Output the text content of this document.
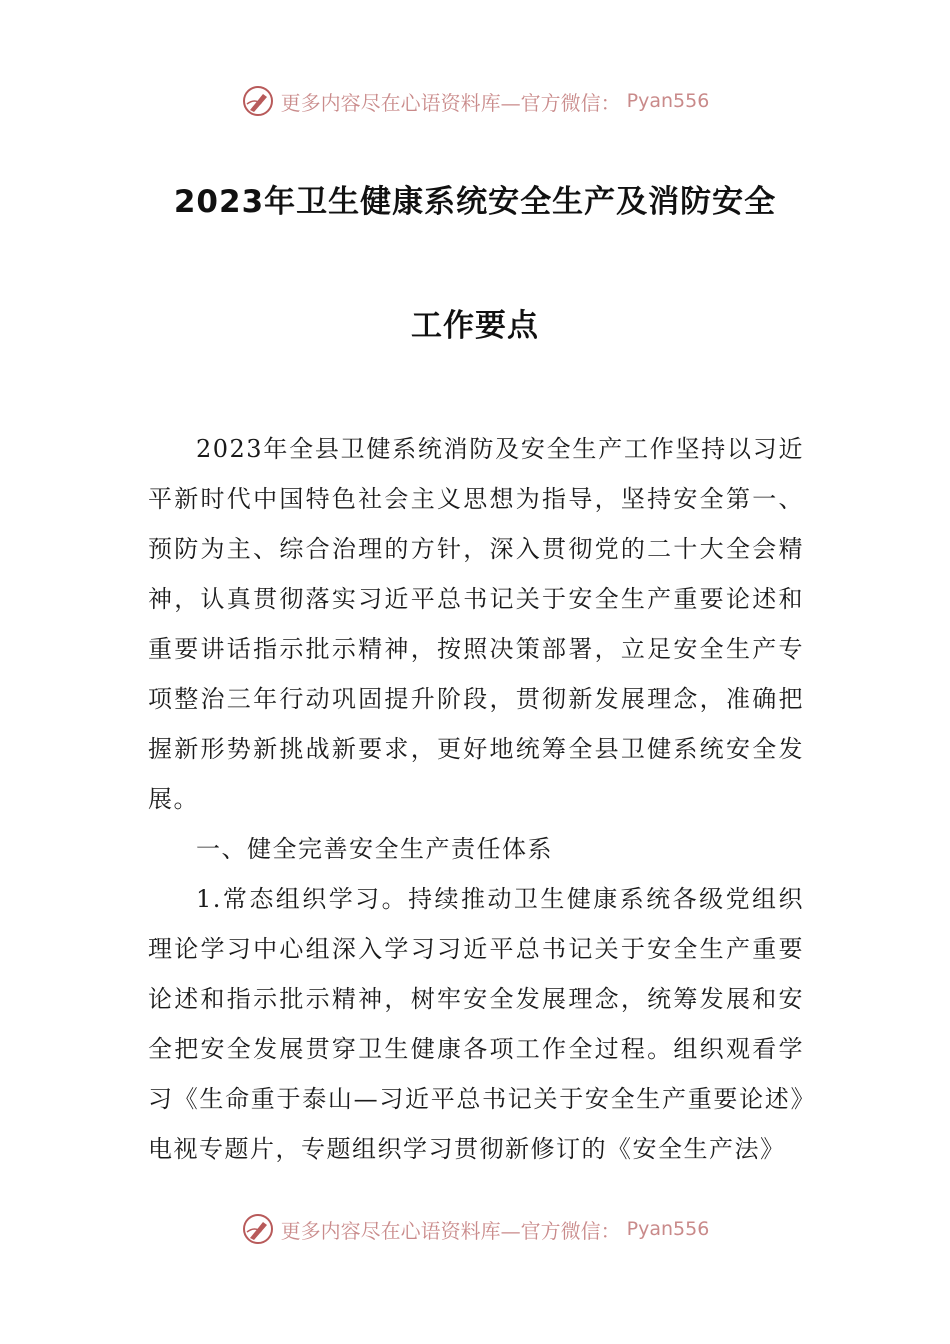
更多内容尽在心语资料库—官方微信： Pyan556
2023年卫生健康系统安全生产及消防安全
工作要点

2023年全县卫健系统消防及安全生产工作坚持以习近平新时代中国特色社会主义思想为指导，坚持安全第一、预防为主、综合治理的方针，深入贯彻党的二十大全会精神，认真贯彻落实习近平总书记关于安全生产重要论述和重要讲话指示批示精神，按照决策部署，立足安全生产专项整治三年行动巩固提升阶段，贯彻新发展理念，准确把握新形势新挑战新要求，更好地统筹全县卫健系统安全发展。

一、健全完善安全生产责任体系

1.常态组织学习。持续推动卫生健康系统各级党组织理论学习中心组深入学习习近平总书记关于安全生产重要论述和指示批示精神，树牢安全发展理念，统筹发展和安全把安全发展贯穿卫生健康各项工作全过程。组织观看学习《生命重于泰山—习近平总书记关于安全生产重要论述》电视专题片，专题组织学习贯彻新修订的《安全生产法》

更多内容尽在心语资料库—官方微信： Pyan556
